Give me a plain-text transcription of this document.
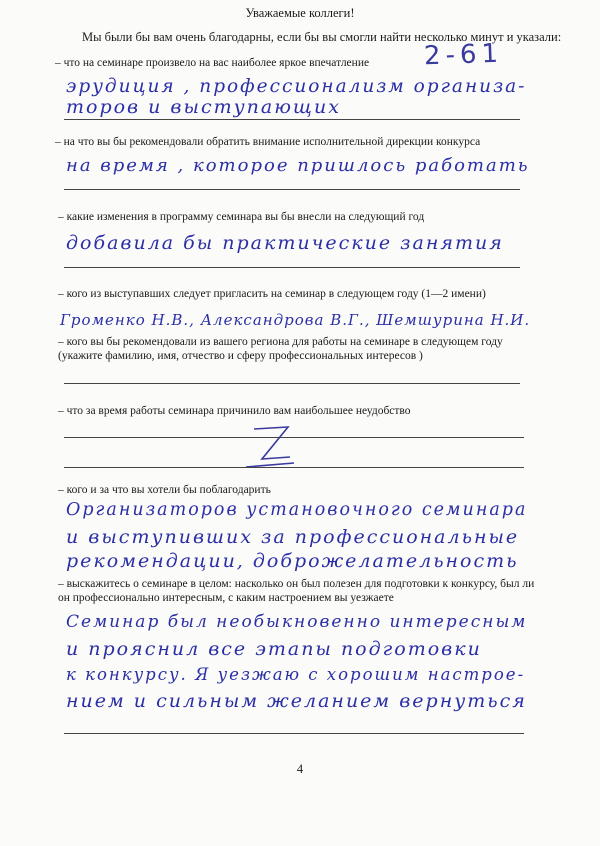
Уважаемые коллеги!
Мы были бы вам очень благодарны, если бы вы смогли найти несколько минут и указали:
2-61
– что на семинаре произвело на вас наиболее яркое впечатление
эрудиция , профессионализм организа-
торов и выступающих
– на что вы бы рекомендовали обратить внимание исполнительной дирекции конкурса
на время , которое пришлось работать
– какие изменения в программу семинара вы бы внесли на следующий год
добавила бы практические занятия
– кого из выступавших следует пригласить на семинар в следующем году (1—2 имени)
Громенко Н.В., Александрова В.Г., Шемшурина Н.И.
– кого вы бы рекомендовали из вашего региона для работы на семинаре в следующем году (укажите фамилию, имя, отчество и сферу профессиональных интересов )
– что за время работы семинара причинило вам наибольшее неудобство
– кого и за что вы хотели бы поблагодарить
Организаторов установочного семинара
и выступивших за профессиональные
рекомендации, доброжелательность
– выскажитесь о семинаре в целом: насколько он был полезен для подготовки к конкурсу, был ли он профессионально интересным, с каким настроением вы уезжаете
Семинар был необыкновенно интересным
и прояснил все этапы подготовки
к конкурсу. Я уезжаю с хорошим настрое-
нием и сильным желанием вернуться
4
